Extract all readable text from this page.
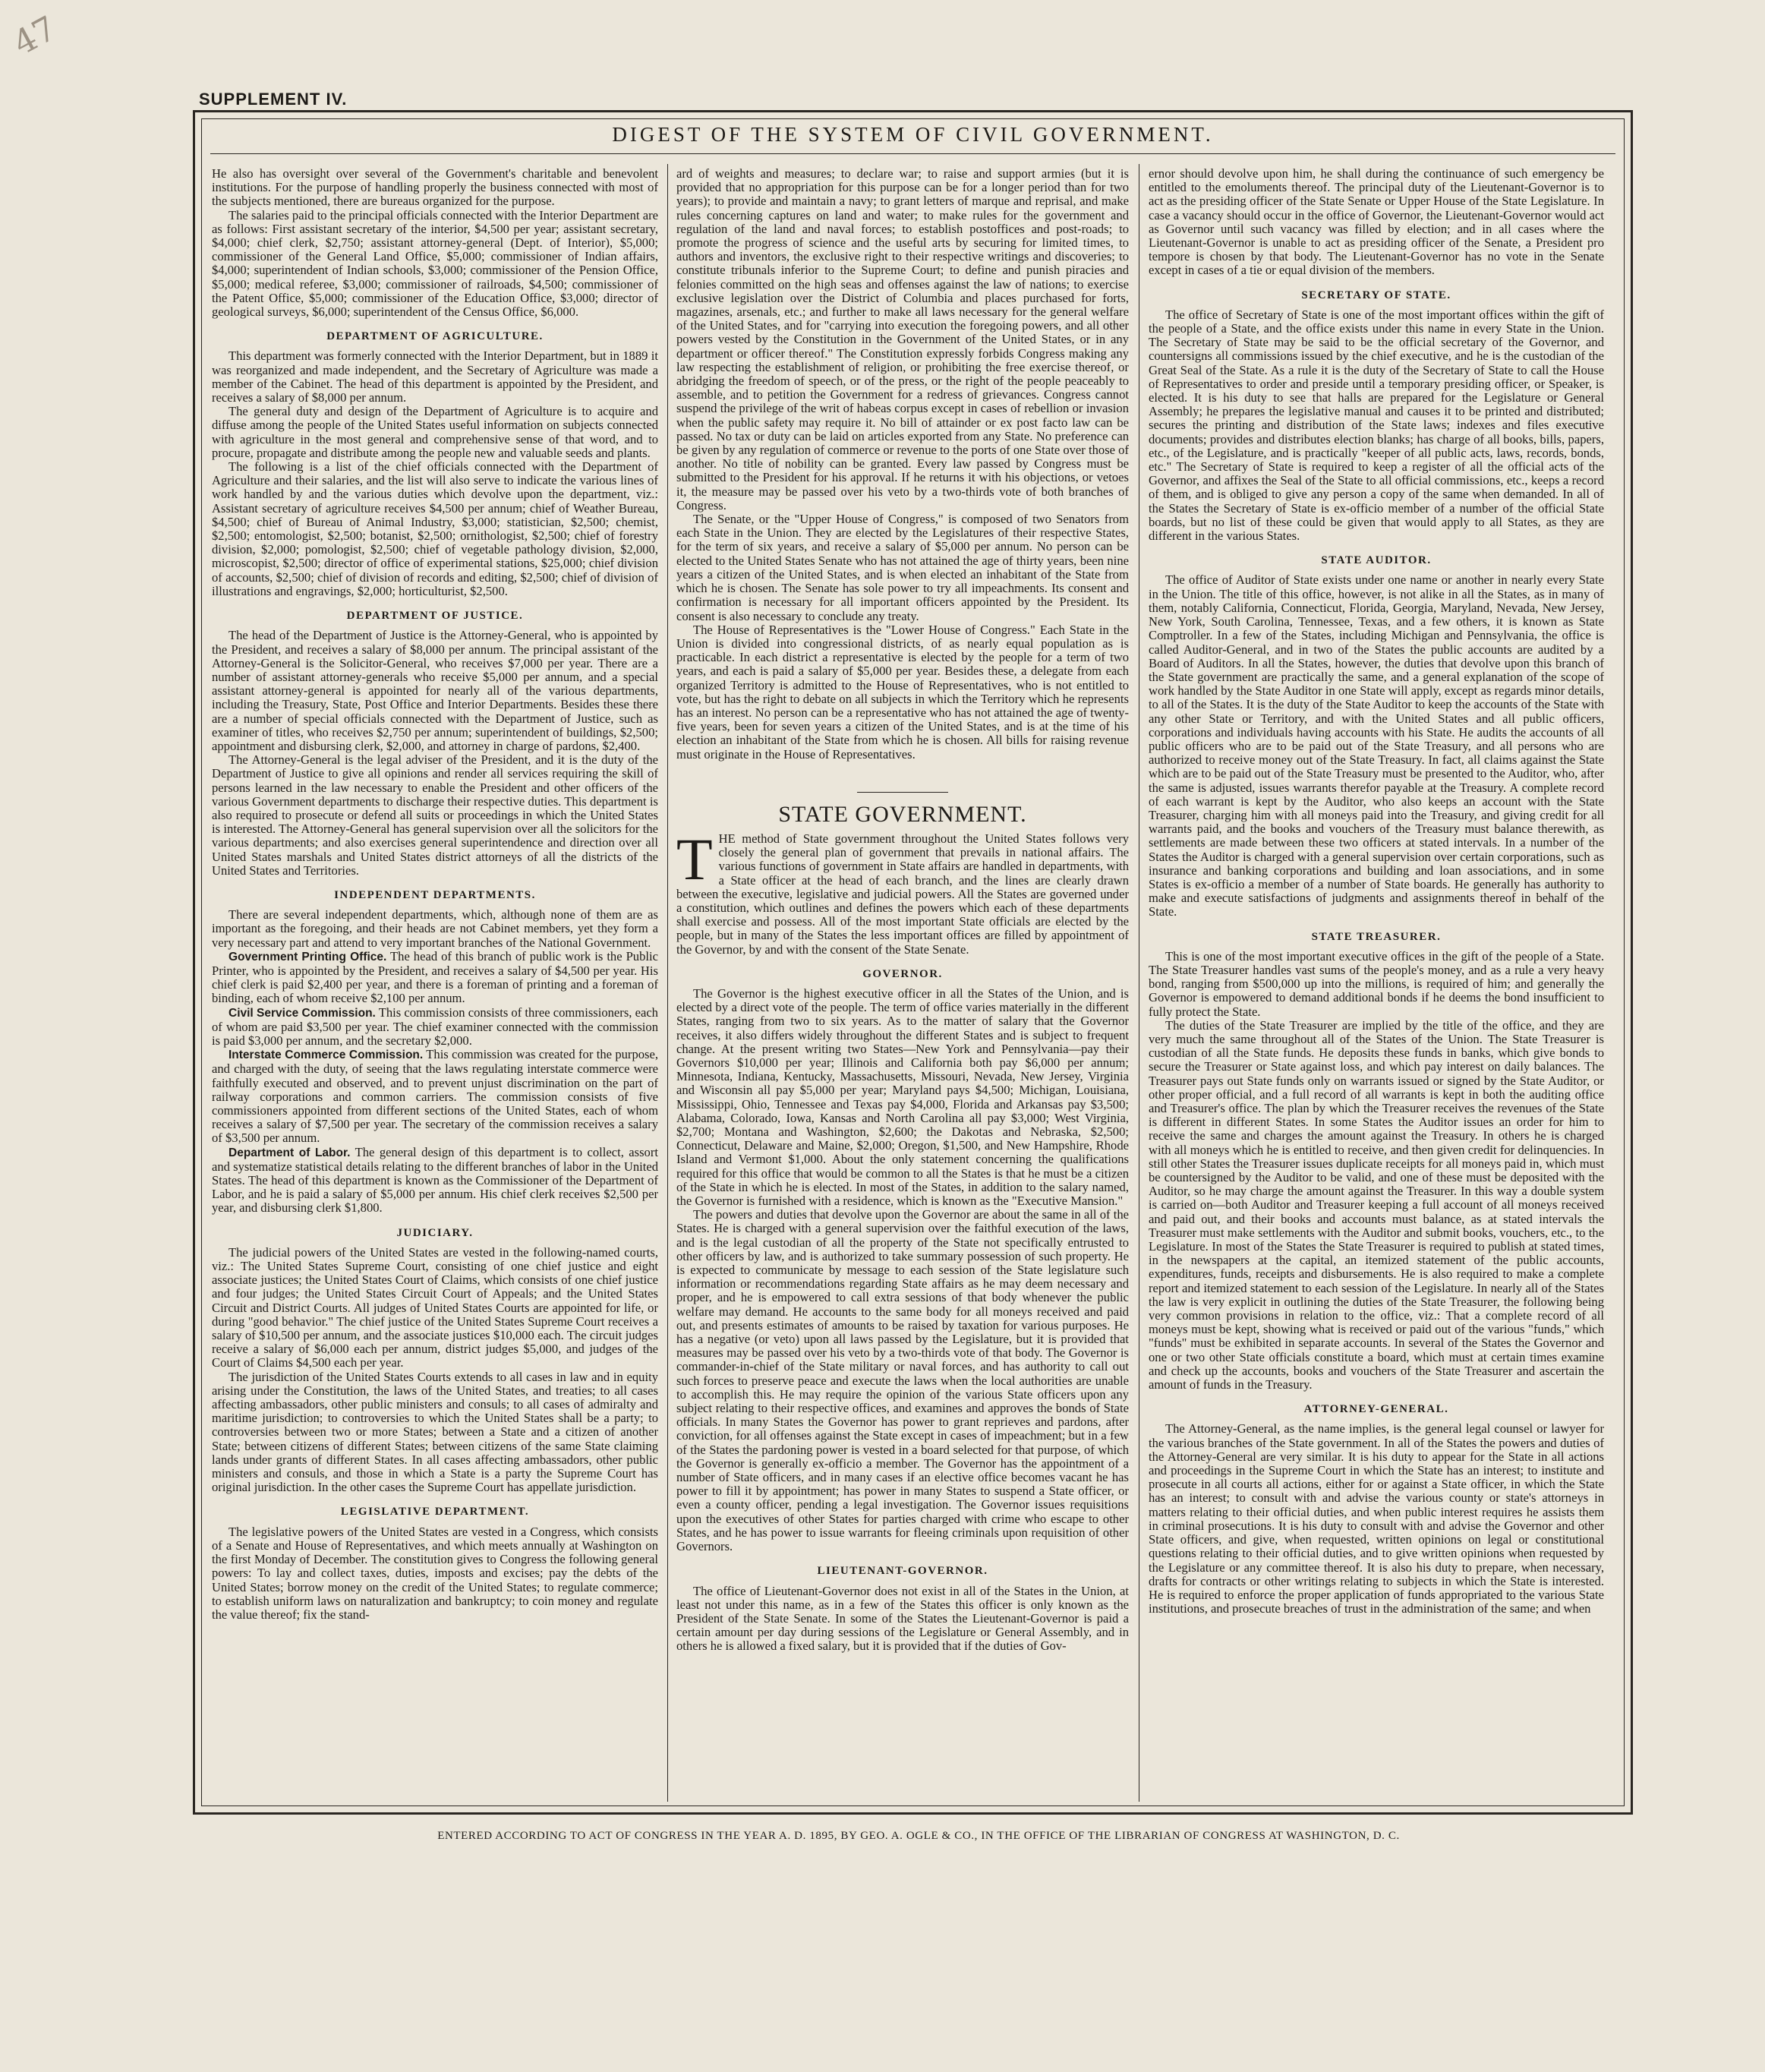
47
SUPPLEMENT IV.
DIGEST OF THE SYSTEM OF CIVIL GOVERNMENT.

He also has oversight over several of the Government's charitable and benevolent institutions. For the purpose of handling properly the business connected with most of the subjects mentioned, there are bureaus organized for the purpose.

The salaries paid to the principal officials connected with the Interior Department are as follows: First assistant secretary of the interior, $4,500 per year; assistant secretary, $4,000; chief clerk, $2,750; assistant attorney-general (Dept. of Interior), $5,000; commissioner of the General Land Office, $5,000; commissioner of Indian affairs, $4,000; superintendent of Indian schools, $3,000; commissioner of the Pension Office, $5,000; medical referee, $3,000; commissioner of railroads, $4,500; commissioner of the Patent Office, $5,000; commissioner of the Education Office, $3,000; director of geological surveys, $6,000; superintendent of the Census Office, $6,000.

DEPARTMENT OF AGRICULTURE.

This department was formerly connected with the Interior Department, but in 1889 it was reorganized and made independent, and the Secretary of Agriculture was made a member of the Cabinet. The head of this department is appointed by the President, and receives a salary of $8,000 per annum.

The general duty and design of the Department of Agriculture is to acquire and diffuse among the people of the United States useful information on subjects connected with agriculture in the most general and comprehensive sense of that word, and to procure, propagate and distribute among the people new and valuable seeds and plants.

The following is a list of the chief officials connected with the Department of Agriculture and their salaries, and the list will also serve to indicate the various lines of work handled by and the various duties which devolve upon the department, viz.: Assistant secretary of agriculture receives $4,500 per annum; chief of Weather Bureau, $4,500; chief of Bureau of Animal Industry, $3,000; statistician, $2,500; chemist, $2,500; entomologist, $2,500; botanist, $2,500; ornithologist, $2,500; chief of forestry division, $2,000; pomologist, $2,500; chief of vegetable pathology division, $2,000, microscopist, $2,500; director of office of experimental stations, $25,000; chief division of accounts, $2,500; chief of division of records and editing, $2,500; chief of division of illustrations and engravings, $2,000; horticulturist, $2,500.

DEPARTMENT OF JUSTICE.

The head of the Department of Justice is the Attorney-General, who is appointed by the President, and receives a salary of $8,000 per annum. The principal assistant of the Attorney-General is the Solicitor-General, who receives $7,000 per year. There are a number of assistant attorney-generals who receive $5,000 per annum, and a special assistant attorney-general is appointed for nearly all of the various departments, including the Treasury, State, Post Office and Interior Departments. Besides these there are a number of special officials connected with the Department of Justice, such as examiner of titles, who receives $2,750 per annum; superintendent of buildings, $2,500; appointment and disbursing clerk, $2,000, and attorney in charge of pardons, $2,400.

The Attorney-General is the legal adviser of the President, and it is the duty of the Department of Justice to give all opinions and render all services requiring the skill of persons learned in the law necessary to enable the President and other officers of the various Government departments to discharge their respective duties. This department is also required to prosecute or defend all suits or proceedings in which the United States is interested. The Attorney-General has general supervision over all the solicitors for the various departments; and also exercises general superintendence and direction over all United States marshals and United States district attorneys of all the districts of the United States and Territories.

INDEPENDENT DEPARTMENTS.

There are several independent departments, which, although none of them are as important as the foregoing, and their heads are not Cabinet members, yet they form a very necessary part and attend to very important branches of the National Government.

Government Printing Office. The head of this branch of public work is the Public Printer, who is appointed by the President, and receives a salary of $4,500 per year. His chief clerk is paid $2,400 per year, and there is a foreman of printing and a foreman of binding, each of whom receive $2,100 per annum.

Civil Service Commission. This commission consists of three commissioners, each of whom are paid $3,500 per year. The chief examiner connected with the commission is paid $3,000 per annum, and the secretary $2,000.

Interstate Commerce Commission. This commission was created for the purpose, and charged with the duty, of seeing that the laws regulating interstate commerce were faithfully executed and observed, and to prevent unjust discrimination on the part of railway corporations and common carriers. The commission consists of five commissioners appointed from different sections of the United States, each of whom receives a salary of $7,500 per year. The secretary of the commission receives a salary of $3,500 per annum.

Department of Labor. The general design of this department is to collect, assort and systematize statistical details relating to the different branches of labor in the United States. The head of this department is known as the Commissioner of the Department of Labor, and he is paid a salary of $5,000 per annum. His chief clerk receives $2,500 per year, and disbursing clerk $1,800.

JUDICIARY.

The judicial powers of the United States are vested in the following-named courts, viz.: The United States Supreme Court, consisting of one chief justice and eight associate justices; the United States Court of Claims, which consists of one chief justice and four judges; the United States Circuit Court of Appeals; and the United States Circuit and District Courts. All judges of United States Courts are appointed for life, or during "good behavior." The chief justice of the United States Supreme Court receives a salary of $10,500 per annum, and the associate justices $10,000 each. The circuit judges receive a salary of $6,000 each per annum, district judges $5,000, and judges of the Court of Claims $4,500 each per year.

The jurisdiction of the United States Courts extends to all cases in law and in equity arising under the Constitution, the laws of the United States, and treaties; to all cases affecting ambassadors, other public ministers and consuls; to all cases of admiralty and maritime jurisdiction; to controversies to which the United States shall be a party; to controversies between two or more States; between a State and a citizen of another State; between citizens of different States; between citizens of the same State claiming lands under grants of different States. In all cases affecting ambassadors, other public ministers and consuls, and those in which a State is a party the Supreme Court has original jurisdiction. In the other cases the Supreme Court has appellate jurisdiction.

LEGISLATIVE DEPARTMENT.

The legislative powers of the United States are vested in a Congress, which consists of a Senate and House of Representatives, and which meets annually at Washington on the first Monday of December. The constitution gives to Congress the following general powers: To lay and collect taxes, duties, imposts and excises; pay the debts of the United States; borrow money on the credit of the United States; to regulate commerce; to establish uniform laws on naturalization and bankruptcy; to coin money and regulate the value thereof; fix the stand-

ard of weights and measures; to declare war; to raise and support armies (but it is provided that no appropriation for this purpose can be for a longer period than for two years); to provide and maintain a navy; to grant letters of marque and reprisal, and make rules concerning captures on land and water; to make rules for the government and regulation of the land and naval forces; to establish postoffices and post-roads; to promote the progress of science and the useful arts by securing for limited times, to authors and inventors, the exclusive right to their respective writings and discoveries; to constitute tribunals inferior to the Supreme Court; to define and punish piracies and felonies committed on the high seas and offenses against the law of nations; to exercise exclusive legislation over the District of Columbia and places purchased for forts, magazines, arsenals, etc.; and further to make all laws necessary for the general welfare of the United States, and for "carrying into execution the foregoing powers, and all other powers vested by the Constitution in the Government of the United States, or in any department or officer thereof." The Constitution expressly forbids Congress making any law respecting the establishment of religion, or prohibiting the free exercise thereof, or abridging the freedom of speech, or of the press, or the right of the people peaceably to assemble, and to petition the Government for a redress of grievances. Congress cannot suspend the privilege of the writ of habeas corpus except in cases of rebellion or invasion when the public safety may require it. No bill of attainder or ex post facto law can be passed. No tax or duty can be laid on articles exported from any State. No preference can be given by any regulation of commerce or revenue to the ports of one State over those of another. No title of nobility can be granted. Every law passed by Congress must be submitted to the President for his approval. If he returns it with his objections, or vetoes it, the measure may be passed over his veto by a two-thirds vote of both branches of Congress.

The Senate, or the "Upper House of Congress," is composed of two Senators from each State in the Union. They are elected by the Legislatures of their respective States, for the term of six years, and receive a salary of $5,000 per annum. No person can be elected to the United States Senate who has not attained the age of thirty years, been nine years a citizen of the United States, and is when elected an inhabitant of the State from which he is chosen. The Senate has sole power to try all impeachments. Its consent and confirmation is necessary for all important officers appointed by the President. Its consent is also necessary to conclude any treaty.

The House of Representatives is the "Lower House of Congress." Each State in the Union is divided into congressional districts, of as nearly equal population as is practicable. In each district a representative is elected by the people for a term of two years, and each is paid a salary of $5,000 per year. Besides these, a delegate from each organized Territory is admitted to the House of Representatives, who is not entitled to vote, but has the right to debate on all subjects in which the Territory which he represents has an interest. No person can be a representative who has not attained the age of twenty-five years, been for seven years a citizen of the United States, and is at the time of his election an inhabitant of the State from which he is chosen. All bills for raising revenue must originate in the House of Representatives.

STATE GOVERNMENT.

THE method of State government throughout the United States follows very closely the general plan of government that prevails in national affairs. The various functions of government in State affairs are handled in departments, with a State officer at the head of each branch, and the lines are clearly drawn between the executive, legislative and judicial powers. All the States are governed under a constitution, which outlines and defines the powers which each of these departments shall exercise and possess. All of the most important State officials are elected by the people, but in many of the States the less important offices are filled by appointment of the Governor, by and with the consent of the State Senate.

GOVERNOR.

The Governor is the highest executive officer in all the States of the Union, and is elected by a direct vote of the people. The term of office varies materially in the different States, ranging from two to six years. As to the matter of salary that the Governor receives, it also differs widely throughout the different States and is subject to frequent change. At the present writing two States—New York and Pennsylvania—pay their Governors $10,000 per year; Illinois and California both pay $6,000 per annum; Minnesota, Indiana, Kentucky, Massachusetts, Missouri, Nevada, New Jersey, Virginia and Wisconsin all pay $5,000 per year; Maryland pays $4,500; Michigan, Louisiana, Mississippi, Ohio, Tennessee and Texas pay $4,000, Florida and Arkansas pay $3,500; Alabama, Colorado, Iowa, Kansas and North Carolina all pay $3,000; West Virginia, $2,700; Montana and Washington, $2,600; the Dakotas and Nebraska, $2,500; Connecticut, Delaware and Maine, $2,000; Oregon, $1,500, and New Hampshire, Rhode Island and Vermont $1,000. About the only statement concerning the qualifications required for this office that would be common to all the States is that he must be a citizen of the State in which he is elected. In most of the States, in addition to the salary named, the Governor is furnished with a residence, which is known as the "Executive Mansion."

The powers and duties that devolve upon the Governor are about the same in all of the States. He is charged with a general supervision over the faithful execution of the laws, and is the legal custodian of all the property of the State not specifically entrusted to other officers by law, and is authorized to take summary possession of such property. He is expected to communicate by message to each session of the State legislature such information or recommendations regarding State affairs as he may deem necessary and proper, and he is empowered to call extra sessions of that body whenever the public welfare may demand. He accounts to the same body for all moneys received and paid out, and presents estimates of amounts to be raised by taxation for various purposes. He has a negative (or veto) upon all laws passed by the Legislature, but it is provided that measures may be passed over his veto by a two-thirds vote of that body. The Governor is commander-in-chief of the State military or naval forces, and has authority to call out such forces to preserve peace and execute the laws when the local authorities are unable to accomplish this. He may require the opinion of the various State officers upon any subject relating to their respective offices, and examines and approves the bonds of State officials. In many States the Governor has power to grant reprieves and pardons, after conviction, for all offenses against the State except in cases of impeachment; but in a few of the States the pardoning power is vested in a board selected for that purpose, of which the Governor is generally ex-officio a member. The Governor has the appointment of a number of State officers, and in many cases if an elective office becomes vacant he has power to fill it by appointment; has power in many States to suspend a State officer, or even a county officer, pending a legal investigation. The Governor issues requisitions upon the executives of other States for parties charged with crime who escape to other States, and he has power to issue warrants for fleeing criminals upon requisition of other Governors.

LIEUTENANT-GOVERNOR.

The office of Lieutenant-Governor does not exist in all of the States in the Union, at least not under this name, as in a few of the States this officer is only known as the President of the State Senate. In some of the States the Lieutenant-Governor is paid a certain amount per day during sessions of the Legislature or General Assembly, and in others he is allowed a fixed salary, but it is provided that if the duties of Gov-

ernor should devolve upon him, he shall during the continuance of such emergency be entitled to the emoluments thereof. The principal duty of the Lieutenant-Governor is to act as the presiding officer of the State Senate or Upper House of the State Legislature. In case a vacancy should occur in the office of Governor, the Lieutenant-Governor would act as Governor until such vacancy was filled by election; and in all cases where the Lieutenant-Governor is unable to act as presiding officer of the Senate, a President pro tempore is chosen by that body. The Lieutenant-Governor has no vote in the Senate except in cases of a tie or equal division of the members.

SECRETARY OF STATE.

The office of Secretary of State is one of the most important offices within the gift of the people of a State, and the office exists under this name in every State in the Union. The Secretary of State may be said to be the official secretary of the Governor, and countersigns all commissions issued by the chief executive, and he is the custodian of the Great Seal of the State. As a rule it is the duty of the Secretary of State to call the House of Representatives to order and preside until a temporary presiding officer, or Speaker, is elected. It is his duty to see that halls are prepared for the Legislature or General Assembly; he prepares the legislative manual and causes it to be printed and distributed; secures the printing and distribution of the State laws; indexes and files executive documents; provides and distributes election blanks; has charge of all books, bills, papers, etc., of the Legislature, and is practically "keeper of all public acts, laws, records, bonds, etc." The Secretary of State is required to keep a register of all the official acts of the Governor, and affixes the Seal of the State to all official commissions, etc., keeps a record of them, and is obliged to give any person a copy of the same when demanded. In all of the States the Secretary of State is ex-officio member of a number of the official State boards, but no list of these could be given that would apply to all States, as they are different in the various States.

STATE AUDITOR.

The office of Auditor of State exists under one name or another in nearly every State in the Union. The title of this office, however, is not alike in all the States, as in many of them, notably California, Connecticut, Florida, Georgia, Maryland, Nevada, New Jersey, New York, South Carolina, Tennessee, Texas, and a few others, it is known as State Comptroller. In a few of the States, including Michigan and Pennsylvania, the office is called Auditor-General, and in two of the States the public accounts are audited by a Board of Auditors. In all the States, however, the duties that devolve upon this branch of the State government are practically the same, and a general explanation of the scope of work handled by the State Auditor in one State will apply, except as regards minor details, to all of the States. It is the duty of the State Auditor to keep the accounts of the State with any other State or Territory, and with the United States and all public officers, corporations and individuals having accounts with his State. He audits the accounts of all public officers who are to be paid out of the State Treasury, and all persons who are authorized to receive money out of the State Treasury. In fact, all claims against the State which are to be paid out of the State Treasury must be presented to the Auditor, who, after the same is adjusted, issues warrants therefor payable at the Treasury. A complete record of each warrant is kept by the Auditor, who also keeps an account with the State Treasurer, charging him with all moneys paid into the Treasury, and giving credit for all warrants paid, and the books and vouchers of the Treasury must balance therewith, as settlements are made between these two officers at stated intervals. In a number of the States the Auditor is charged with a general supervision over certain corporations, such as insurance and banking corporations and building and loan associations, and in some States is ex-officio a member of a number of State boards. He generally has authority to make and execute satisfactions of judgments and assignments thereof in behalf of the State.

STATE TREASURER.

This is one of the most important executive offices in the gift of the people of a State. The State Treasurer handles vast sums of the people's money, and as a rule a very heavy bond, ranging from $500,000 up into the millions, is required of him; and generally the Governor is empowered to demand additional bonds if he deems the bond insufficient to fully protect the State.

The duties of the State Treasurer are implied by the title of the office, and they are very much the same throughout all of the States of the Union. The State Treasurer is custodian of all the State funds. He deposits these funds in banks, which give bonds to secure the Treasurer or State against loss, and which pay interest on daily balances. The Treasurer pays out State funds only on warrants issued or signed by the State Auditor, or other proper official, and a full record of all warrants is kept in both the auditing office and Treasurer's office. The plan by which the Treasurer receives the revenues of the State is different in different States. In some States the Auditor issues an order for him to receive the same and charges the amount against the Treasury. In others he is charged with all moneys which he is entitled to receive, and then given credit for delinquencies. In still other States the Treasurer issues duplicate receipts for all moneys paid in, which must be countersigned by the Auditor to be valid, and one of these must be deposited with the Auditor, so he may charge the amount against the Treasurer. In this way a double system is carried on—both Auditor and Treasurer keeping a full account of all moneys received and paid out, and their books and accounts must balance, as at stated intervals the Treasurer must make settlements with the Auditor and submit books, vouchers, etc., to the Legislature. In most of the States the State Treasurer is required to publish at stated times, in the newspapers at the capital, an itemized statement of the public accounts, expenditures, funds, receipts and disbursements. He is also required to make a complete report and itemized statement to each session of the Legislature. In nearly all of the States the law is very explicit in outlining the duties of the State Treasurer, the following being very common provisions in relation to the office, viz.: That a complete record of all moneys must be kept, showing what is received or paid out of the various "funds," which "funds" must be exhibited in separate accounts. In several of the States the Governor and one or two other State officials constitute a board, which must at certain times examine and check up the accounts, books and vouchers of the State Treasurer and ascertain the amount of funds in the Treasury.

ATTORNEY-GENERAL.

The Attorney-General, as the name implies, is the general legal counsel or lawyer for the various branches of the State government. In all of the States the powers and duties of the Attorney-General are very similar. It is his duty to appear for the State in all actions and proceedings in the Supreme Court in which the State has an interest; to institute and prosecute in all courts all actions, either for or against a State officer, in which the State has an interest; to consult with and advise the various county or state's attorneys in matters relating to their official duties, and when public interest requires he assists them in criminal prosecutions. It is his duty to consult with and advise the Governor and other State officers, and give, when requested, written opinions on legal or constitutional questions relating to their official duties, and to give written opinions when requested by the Legislature or any committee thereof. It is also his duty to prepare, when necessary, drafts for contracts or other writings relating to subjects in which the State is interested. He is required to enforce the proper application of funds appropriated to the various State institutions, and prosecute breaches of trust in the administration of the same; and when

ENTERED ACCORDING TO ACT OF CONGRESS IN THE YEAR A. D. 1895, BY GEO. A. OGLE & CO., IN THE OFFICE OF THE LIBRARIAN OF CONGRESS AT WASHINGTON, D. C.
